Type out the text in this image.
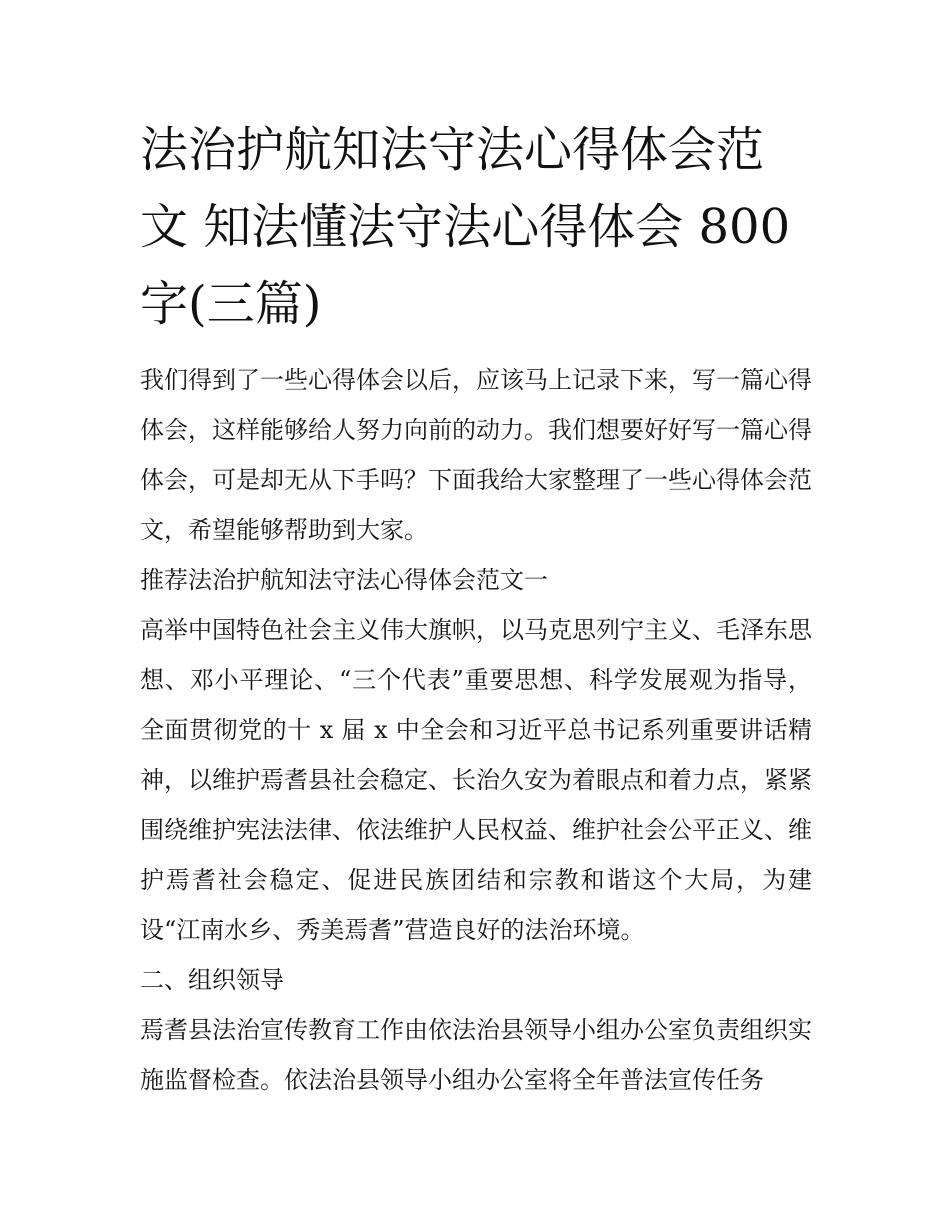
法治护航知法守法心得体会范
文 知法懂法守法心得体会 800
字(三篇)

我们得到了一些心得体会以后，应该马上记录下来，写一篇心得体会，这样能够给人努力向前的动力。我们想要好好写一篇心得体会，可是却无从下手吗？下面我给大家整理了一些心得体会范文，希望能够帮助到大家。

推荐法治护航知法守法心得体会范文一

高举中国特色社会主义伟大旗帜，以马克思列宁主义、毛泽东思想、邓小平理论、“三个代表”重要思想、科学发展观为指导，全面贯彻党的十 x 届 x 中全会和习近平总书记系列重要讲话精神，以维护焉耆县社会稳定、长治久安为着眼点和着力点，紧紧围绕维护宪法法律、依法维护人民权益、维护社会公平正义、维护焉耆社会稳定、促进民族团结和宗教和谐这个大局，为建设“江南水乡、秀美焉耆”营造良好的法治环境。

二、组织领导

焉耆县法治宣传教育工作由依法治县领导小组办公室负责组织实施监督检查。依法治县领导小组办公室将全年普法宣传任务
